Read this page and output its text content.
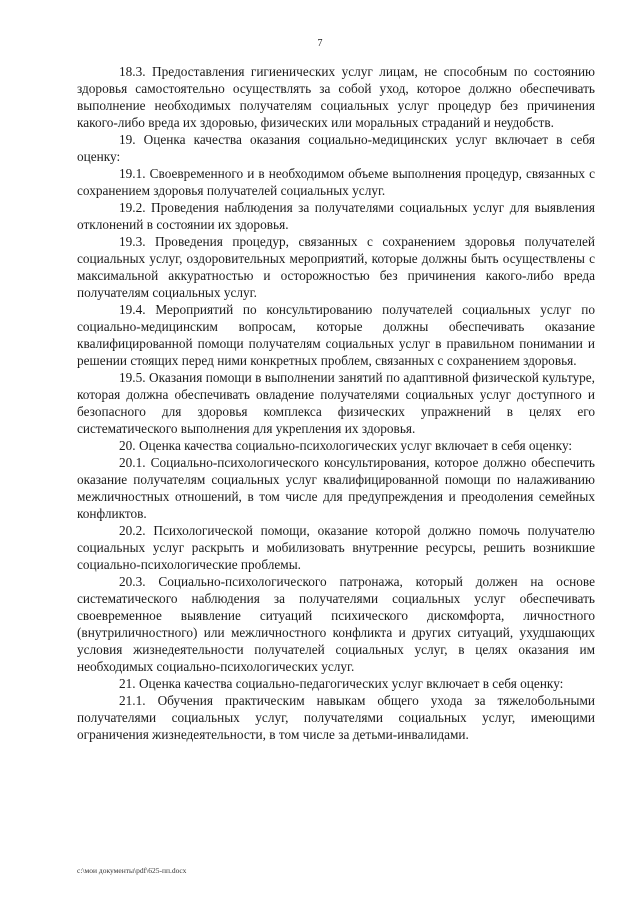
7

18.3. Предоставления гигиенических услуг лицам, не способным по состоянию здоровья самостоятельно осуществлять за собой уход, которое должно обеспечивать выполнение необходимых получателям социальных услуг процедур без причинения какого-либо вреда их здоровью, физических или моральных страданий и неудобств.

19. Оценка качества оказания социально-медицинских услуг включает в себя оценку:

19.1. Своевременного и в необходимом объеме выполнения процедур, связанных с сохранением здоровья получателей социальных услуг.

19.2. Проведения наблюдения за получателями социальных услуг для выявления отклонений в состоянии их здоровья.

19.3. Проведения процедур, связанных с сохранением здоровья получателей социальных услуг, оздоровительных мероприятий, которые должны быть осуществлены с максимальной аккуратностью и осторожностью без причинения какого-либо вреда получателям социальных услуг.

19.4. Мероприятий по консультированию получателей социальных услуг по социально-медицинским вопросам, которые должны обеспечивать оказание квалифицированной помощи получателям социальных услуг в правильном понимании и решении стоящих перед ними конкретных проблем, связанных с сохранением здоровья.

19.5. Оказания помощи в выполнении занятий по адаптивной физической культуре, которая должна обеспечивать овладение получателями социальных услуг доступного и безопасного для здоровья комплекса физических упражнений в целях его систематического выполнения для укрепления их здоровья.

20. Оценка качества социально-психологических услуг включает в себя оценку:

20.1. Социально-психологического консультирования, которое должно обеспечить оказание получателям социальных услуг квалифицированной помощи по налаживанию межличностных отношений, в том числе для предупреждения и преодоления семейных конфликтов.

20.2. Психологической помощи, оказание которой должно помочь получателю социальных услуг раскрыть и мобилизовать внутренние ресурсы, решить возникшие социально-психологические проблемы.

20.3. Социально-психологического патронажа, который должен на основе систематического наблюдения за получателями социальных услуг обеспечивать своевременное выявление ситуаций психического дискомфорта, личностного (внутриличностного) или межличностного конфликта и других ситуаций, ухудшающих условия жизнедеятельности получателей социальных услуг, в целях оказания им необходимых социально-психологических услуг.

21. Оценка качества социально-педагогических услуг включает в себя оценку:

21.1. Обучения практическим навыкам общего ухода за тяжелобольными получателями социальных услуг, получателями социальных услуг, имеющими ограничения жизнедеятельности, в том числе за детьми-инвалидами.

c:\мои документы\pdf\625-пп.docx
